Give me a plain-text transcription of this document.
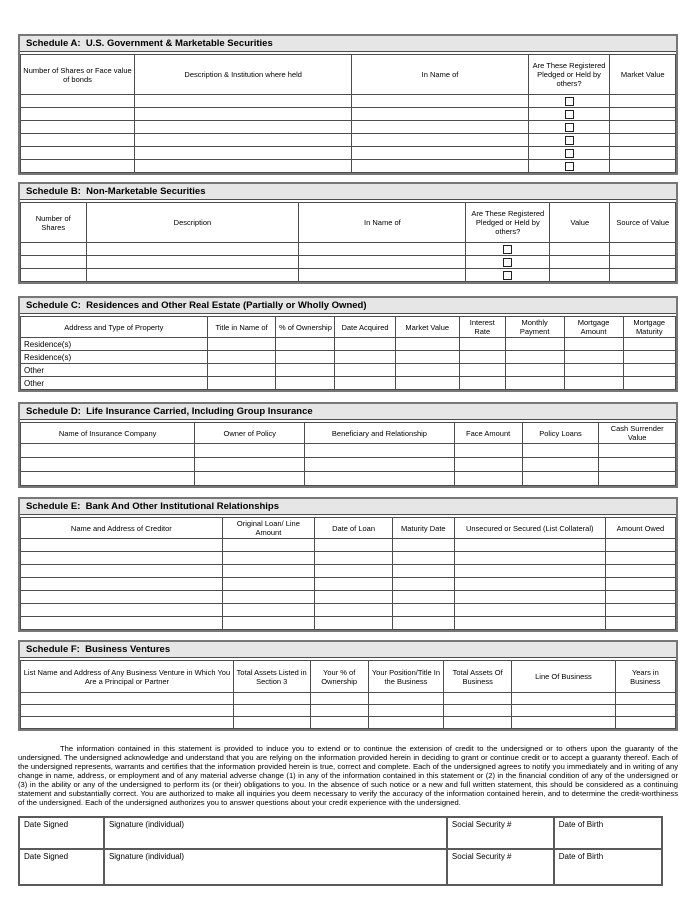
Schedule A:  U.S. Government & Marketable Securities
Number of Shares or Face value of bonds	Description & Institution where held	In Name of	Are These Registered Pledged or Held by others?	Market Value

Schedule B:  Non-Marketable Securities
Number of Shares	Description	In Name of	Are These Registered Pledged or Held by others?	Value	Source of Value

Schedule C:  Residences and Other Real Estate (Partially or Wholly Owned)
Address and Type of Property	Title in Name of	% of Ownership	Date Acquired	Market Value	Interest Rate	Monthly Payment	Mortgage Amount	Mortgage Maturity
Residence(s)								
Residence(s)								
Other								
Other								
Schedule D:  Life Insurance Carried, Including Group Insurance
Name of Insurance Company	Owner of Policy	Beneficiary and Relationship	Face Amount	Policy Loans	Cash Surrender Value

Schedule E:  Bank And Other Institutional Relationships
Name and Address of Creditor	Original Loan/ Line Amount	Date of Loan	Maturity Date	Unsecured or Secured (List Collateral)	Amount Owed

Schedule F:  Business Ventures
List Name and Address of Any Business Venture in Which You Are a Principal or Partner	Total Assets Listed in Section 3	Your % of Ownership	Your Position/Title In the Business	Total Assets Of Business	Line Of Business	Years in Business

The information contained in this statement is provided to induce you to extend or to continue the extension of credit to the undersigned or to others upon the guaranty of the undersigned. The undersigned acknowledge and understand that you are relying on the information provided herein in deciding to grant or continue credit or to accept a guaranty thereof. Each of the undersigned represents, warrants and certifies that the information provided herein is true, correct and complete. Each of the undersigned agrees to notify you immediately and in writing of any change in name, address, or employment and of any material adverse change (1) in any of the information contained in this statement or (2) in the financial condition of any of the undersigned or (3) in the ability or any of the undersigned to perform its (or their) obligations to you. In the absence of such notice or a new and full written statement, this should be considered as a continuing statement and substantially correct. You are authorized to make all inquiries you deem necessary to verify the accuracy of the information contained herein, and to determine the credit-worthiness of the undersigned. Each of the undersigned authorizes you to answer questions about your credit experience with the undersigned.

Date Signed	Signature (individual)	Social Security #	Date of Birth
Date Signed	Signature (individual)	Social Security #	Date of Birth
